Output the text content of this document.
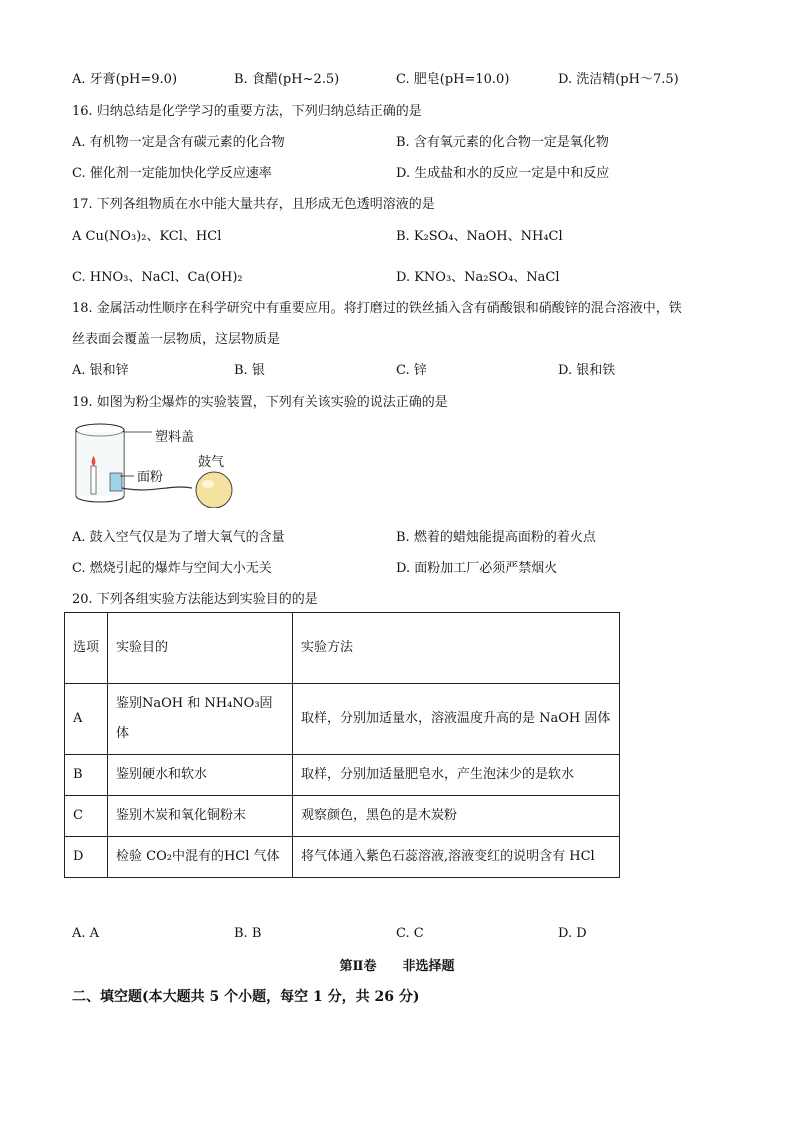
A. 牙膏(pH=9.0)	B. 食醋(pH~2.5)	C. 肥皂(pH=10.0)	D. 洗洁精(pH～7.5)
16. 归纳总结是化学学习的重要方法，下列归纳总结正确的是
A. 有机物一定是含有碳元素的化合物	B. 含有氧元素的化合物一定是氧化物
C. 催化剂一定能加快化学反应速率	D. 生成盐和水的反应一定是中和反应
17. 下列各组物质在水中能大量共存，且形成无色透明溶液的是
A Cu(NO₃)₂、KCl、HCl	B. K₂SO₄、NaOH、NH₄Cl
C. HNO₃、NaCl、Ca(OH)₂	D. KNO₃、Na₂SO₄、NaCl
18. 金属活动性顺序在科学研究中有重要应用。将打磨过的铁丝插入含有硝酸银和硝酸锌的混合溶液中，铁
丝表面会覆盖一层物质，这层物质是
A. 银和锌	B. 银	C. 锌	D. 银和铁
19. 如图为粉尘爆炸的实验装置，下列有关该实验的说法正确的是
塑料盖
面粉
鼓气
A. 鼓入空气仅是为了增大氧气的含量	B. 燃着的蜡烛能提高面粉的着火点
C. 燃烧引起的爆炸与空间大小无关	D. 面粉加工厂必须严禁烟火
20. 下列各组实验方法能达到实验目的的是
选项	实验目的	实验方法
A	鉴别NaOH 和 NH₄NO₃固体	取样，分别加适量水，溶液温度升高的是 NaOH 固体
B	鉴别硬水和软水	取样，分别加适量肥皂水，产生泡沫少的是软水
C	鉴别木炭和氧化铜粉末	观察颜色，黑色的是木炭粉
D	检验 CO₂中混有的HCl 气体	将气体通入紫色石蕊溶液,溶液变红的说明含有 HCl
A. A	B. B	C. C	D. D
第Ⅱ卷　　非选择题
二、填空题(本大题共 5 个小题，每空 1 分，共 26 分)
